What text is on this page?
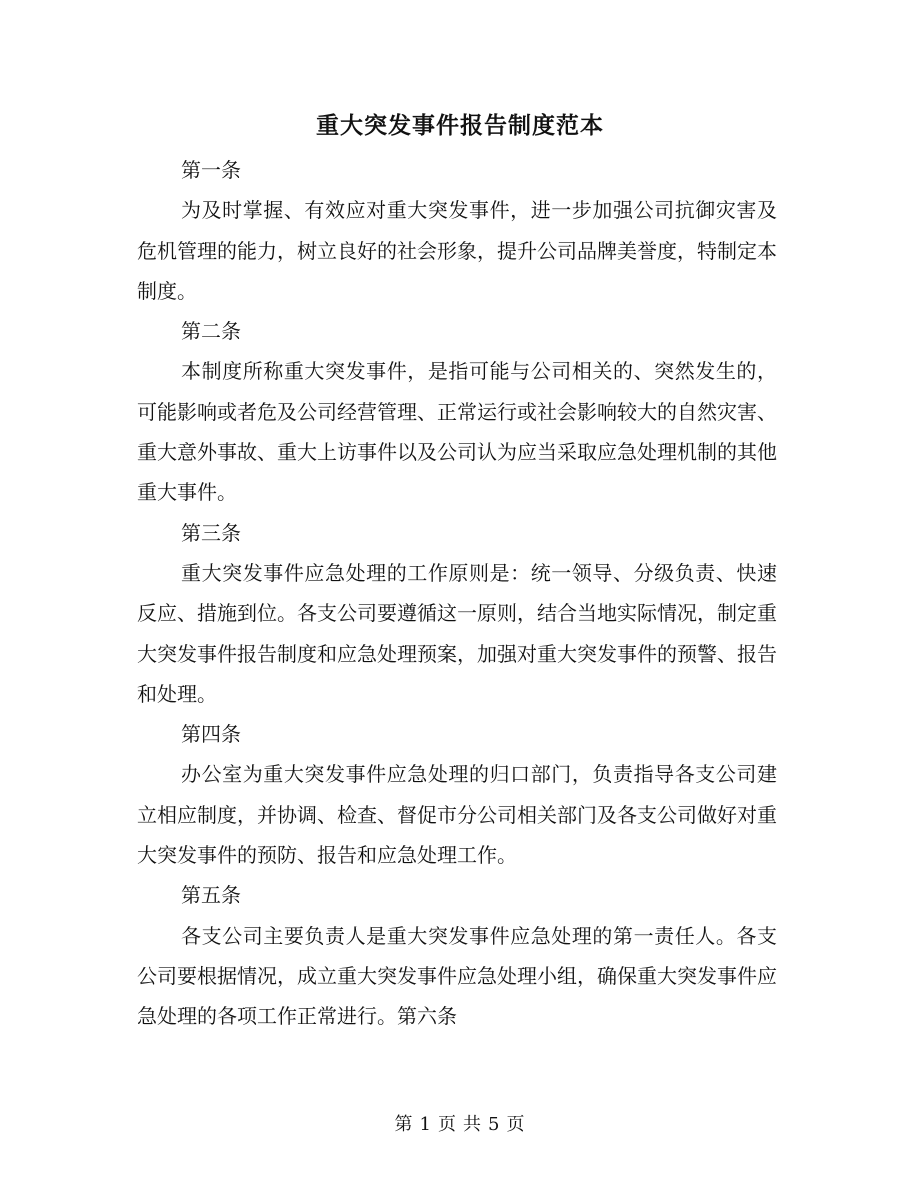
重大突发事件报告制度范本

第一条

为及时掌握、有效应对重大突发事件，进一步加强公司抗御灾害及危机管理的能力，树立良好的社会形象，提升公司品牌美誉度，特制定本制度。

第二条

本制度所称重大突发事件，是指可能与公司相关的、突然发生的，可能影响或者危及公司经营管理、正常运行或社会影响较大的自然灾害、重大意外事故、重大上访事件以及公司认为应当采取应急处理机制的其他重大事件。

第三条

重大突发事件应急处理的工作原则是：统一领导、分级负责、快速反应、措施到位。各支公司要遵循这一原则，结合当地实际情况，制定重大突发事件报告制度和应急处理预案，加强对重大突发事件的预警、报告和处理。

第四条

办公室为重大突发事件应急处理的归口部门，负责指导各支公司建立相应制度，并协调、检查、督促市分公司相关部门及各支公司做好对重大突发事件的预防、报告和应急处理工作。

第五条

各支公司主要负责人是重大突发事件应急处理的第一责任人。各支公司要根据情况，成立重大突发事件应急处理小组，确保重大突发事件应急处理的各项工作正常进行。第六条

第 1 页 共 5 页
